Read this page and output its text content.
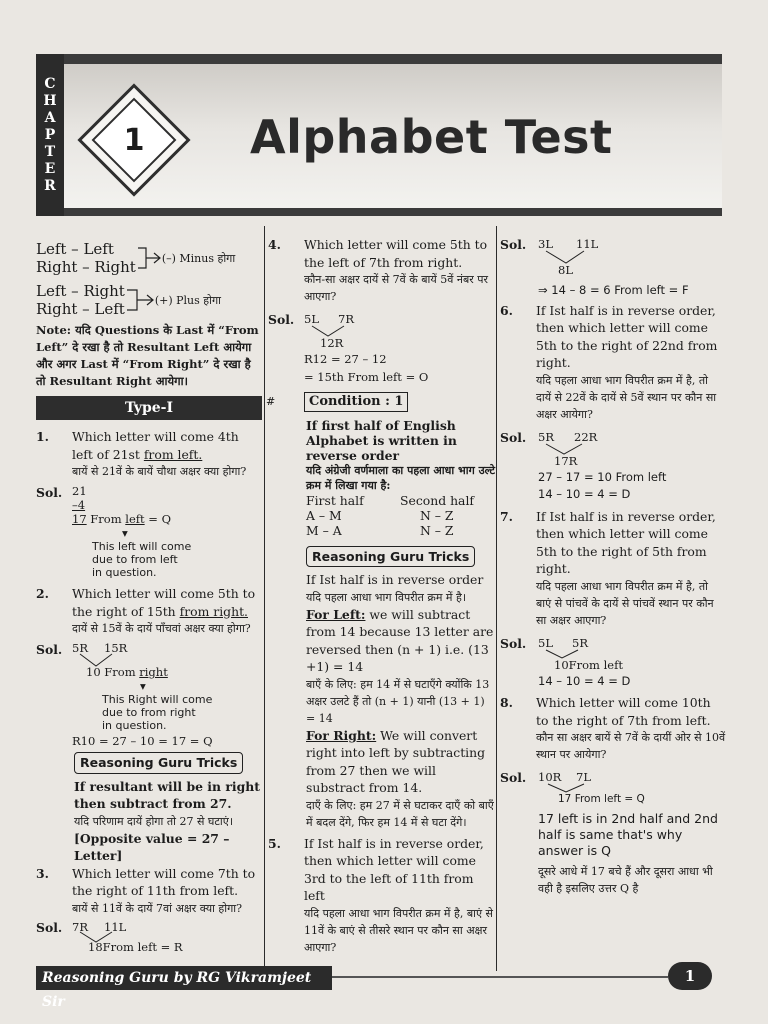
C
H
A
P
T
E
R
1	Alphabet Test
Left – Left
Right – Right (–) Minus होगा
Left – Right
Right – Left	(+) Plus होगा
Note: यदि Questions के Last में “From Left” दे रखा है तो Resultant Left आयेगा और अगर Last में “From Right” दे रखा है तो Resultant Right आयेगा।
Type-I
1.	Which letter will come 4th left of 21st from left.
बायें से 21वें के बायें चौथा अक्षर क्या होगा?
Sol. 21
–4
17 From left = Q
▾
This left will come
due to from left
in question.
2.	Which letter will come 5th to the right of 15th from right.
दायें से 15वें के दायें पाँचवां अक्षर क्या होगा?
Sol. 5R 15R
10 From right
▾
This Right will come
due to from right
in question.
R10 = 27 – 10 = 17 = Q
Reasoning Guru Tricks
If resultant will be in right then subtract from 27.
यदि परिणाम दायें होगा तो 27 से घटाएं।
[Opposite value = 27 – Letter]
3.	Which letter will come 7th to the right of 11th from left.
बायें से 11वें के दायें 7वां अक्षर क्या होगा?
Sol. 7R 11L
18From left = R
4.	Which letter will come 5th to the left of 7th from right.
कौन-सा अक्षर दायें से 7वें के बायें 5वें नंबर पर आएगा?
Sol. 5L 7R
12R
R12 = 27 – 12
= 15th From left = O
#	Condition : 1
If first half of English Alphabet is written in reverse order
यदि अंग्रेजी वर्णमाला का पहला आधा भाग उल्टे क्रम में लिखा गया है:
First half	Second half
A – M	N – Z
M – A	N – Z
Reasoning Guru Tricks
If Ist half is in reverse order
यदि पहला आधा भाग विपरीत क्रम में है।
For Left: we will subtract from 14 because 13 letter are reversed then (n + 1) i.e. (13 +1) = 14
बाएँ के लिए: हम 14 में से घटाएँगे क्योंकि 13 अक्षर उलटे हैं तो (n + 1) यानी (13 + 1) = 14
For Right: We will convert right into left by subtracting from 27 then we will substract from 14.
दाएँ के लिए: हम 27 में से घटाकर दाएँ को बाएँ में बदल देंगे, फिर हम 14 में से घटा देंगे।
5.	If Ist half is in reverse order, then which letter will come 3rd to the left of 11th from left
यदि पहला आधा भाग विपरीत क्रम में है, बाएं से 11वें के बाएं से तीसरे स्थान पर कौन सा अक्षर आएगा?
Sol.	3L 11L
8L
⇒ 14 – 8 = 6 From left = F
6.	If Ist half is in reverse order, then which letter will come 5th to the right of 22nd from right.
यदि पहला आधा भाग विपरीत क्रम में है, तो दायें से 22वें के दायें से 5वें स्थान पर कौन सा अक्षर आयेगा?
Sol.	5R 22R
17R
27 – 17 = 10 From left
14 – 10 = 4 = D
7.	If Ist half is in reverse order, then which letter will come 5th to the right of 5th from right.
यदि पहला आधा भाग विपरीत क्रम में है, तो बाएं से पांचवें के दायें से पांचवें स्थान पर कौन सा अक्षर आएगा?
Sol.	5L 5R
10From left
14 – 10 = 4 = D
8.	Which letter will come 10th to the right of 7th from left.
कौन सा अक्षर बायें से 7वें के दायीं ओर से 10वें स्थान पर आयेगा?
Sol.	10R 7L
17 From left = Q
17 left is in 2nd half and 2nd half is same that's why answer is Q
दूसरे आधे में 17 बचे हैं और दूसरा आधा भी वही है इसलिए उत्तर Q है
Reasoning Guru by RG Vikramjeet Sir
1
